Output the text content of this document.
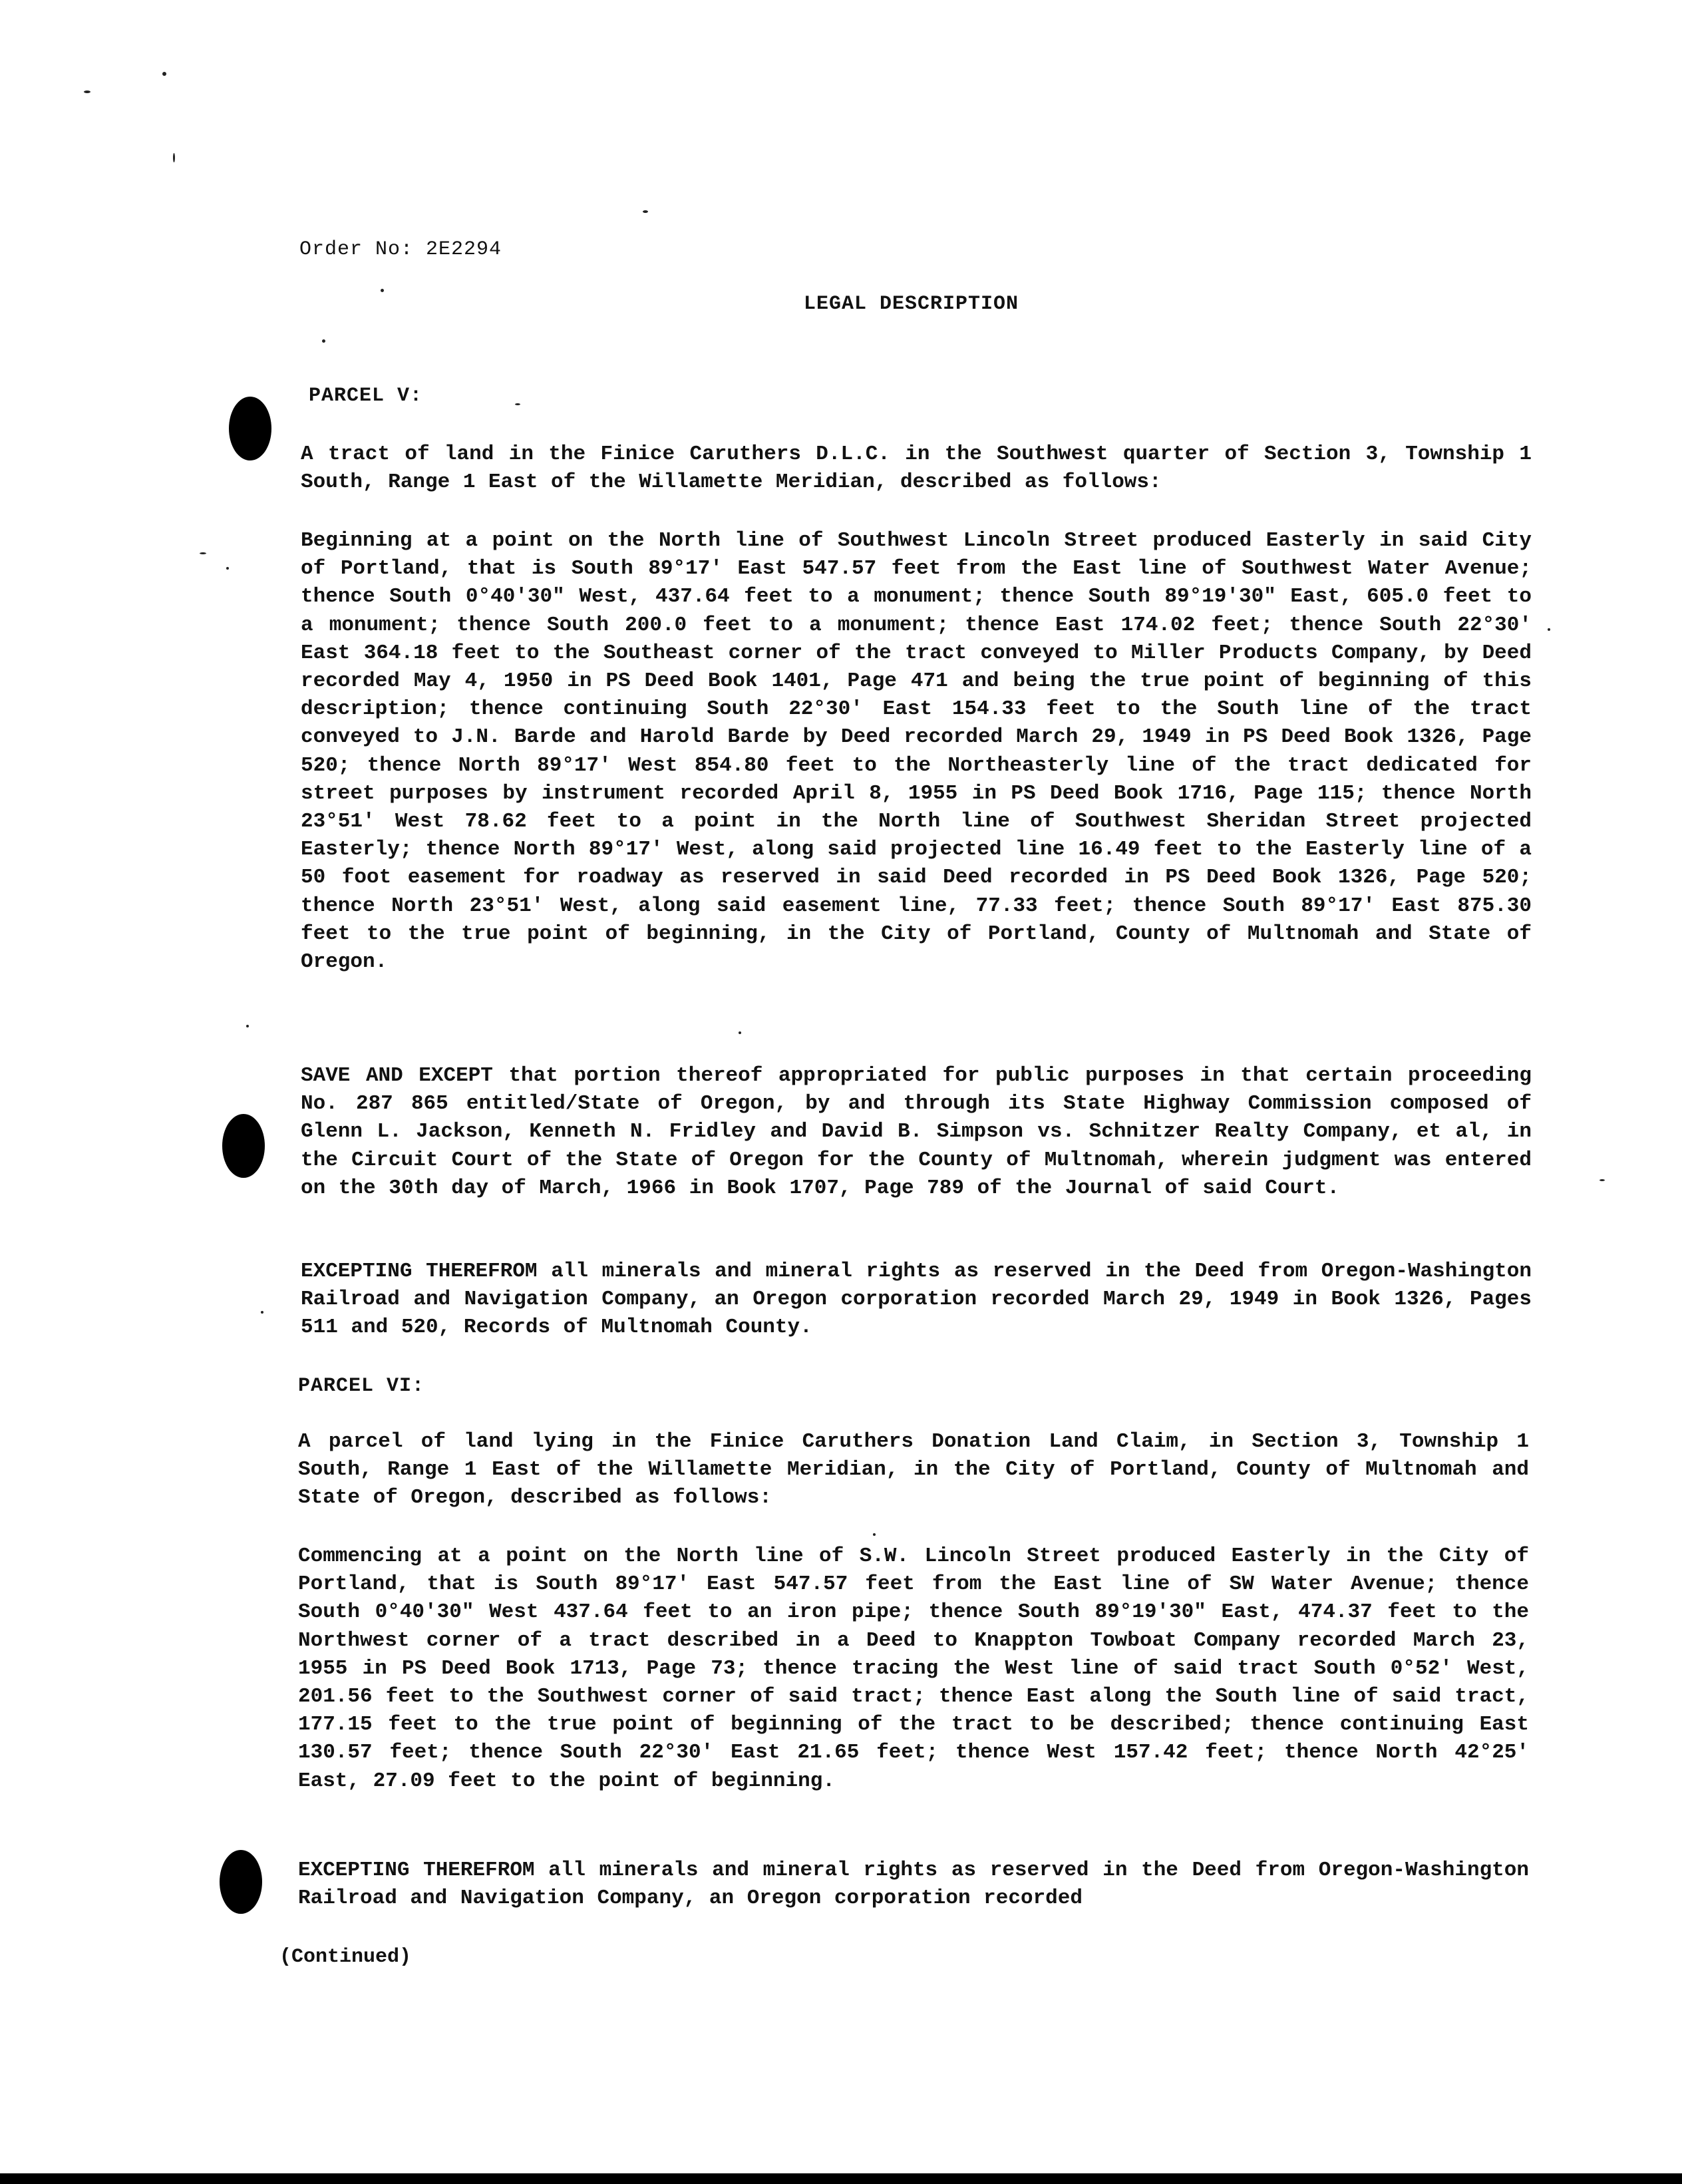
Order No: 2E2294
LEGAL DESCRIPTION
PARCEL V:
A tract of land in the Finice Caruthers D.L.C. in the Southwest quarter of Section 3, Township 1 South, Range 1 East of the Willamette Meridian, described as follows:
Beginning at a point on the North line of Southwest Lincoln Street produced Easterly in said City of Portland, that is South 89°17' East 547.57 feet from the East line of Southwest Water Avenue; thence South 0°40'30" West, 437.64 feet to a monument; thence South 89°19'30" East, 605.0 feet to a monument; thence South 200.0 feet to a monument; thence East 174.02 feet; thence South 22°30' East 364.18 feet to the Southeast corner of the tract conveyed to Miller Products Company, by Deed recorded May 4, 1950 in PS Deed Book 1401, Page 471 and being the true point of beginning of this description; thence continuing South 22°30' East 154.33 feet to the South line of the tract conveyed to J.N. Barde and Harold Barde by Deed recorded March 29, 1949 in PS Deed Book 1326, Page 520; thence North 89°17' West 854.80 feet to the Northeasterly line of the tract dedicated for street purposes by instrument recorded April 8, 1955 in PS Deed Book 1716, Page 115; thence North 23°51' West 78.62 feet to a point in the North line of Southwest Sheridan Street projected Easterly; thence North 89°17' West, along said projected line 16.49 feet to the Easterly line of a 50 foot easement for roadway as reserved in said Deed recorded in PS Deed Book 1326, Page 520; thence North 23°51' West, along said easement line, 77.33 feet; thence South 89°17' East 875.30 feet to the true point of beginning, in the City of Portland, County of Multnomah and State of Oregon.
SAVE AND EXCEPT that portion thereof appropriated for public purposes in that certain proceeding No. 287 865 entitled/State of Oregon, by and through its State Highway Commission composed of Glenn L. Jackson, Kenneth N. Fridley and David B. Simpson vs. Schnitzer Realty Company, et al, in the Circuit Court of the State of Oregon for the County of Multnomah, wherein judgment was entered on the 30th day of March, 1966 in Book 1707, Page 789 of the Journal of said Court.
EXCEPTING THEREFROM all minerals and mineral rights as reserved in the Deed from Oregon-Washington Railroad and Navigation Company, an Oregon corporation recorded March 29, 1949 in Book 1326, Pages 511 and 520, Records of Multnomah County.
PARCEL VI:
A parcel of land lying in the Finice Caruthers Donation Land Claim, in Section 3, Township 1 South, Range 1 East of the Willamette Meridian, in the City of Portland, County of Multnomah and State of Oregon, described as follows:
Commencing at a point on the North line of S.W. Lincoln Street produced Easterly in the City of Portland, that is South 89°17' East 547.57 feet from the East line of SW Water Avenue; thence South 0°40'30" West 437.64 feet to an iron pipe; thence South 89°19'30" East, 474.37 feet to the Northwest corner of a tract described in a Deed to Knappton Towboat Company recorded March 23, 1955 in PS Deed Book 1713, Page 73; thence tracing the West line of said tract South 0°52' West, 201.56 feet to the Southwest corner of said tract; thence East along the South line of said tract, 177.15 feet to the true point of beginning of the tract to be described; thence continuing East 130.57 feet; thence South 22°30' East 21.65 feet; thence West 157.42 feet; thence North 42°25' East, 27.09 feet to the point of beginning.
EXCEPTING THEREFROM all minerals and mineral rights as reserved in the Deed from Oregon-Washington Railroad and Navigation Company, an Oregon corporation recorded
(Continued)
